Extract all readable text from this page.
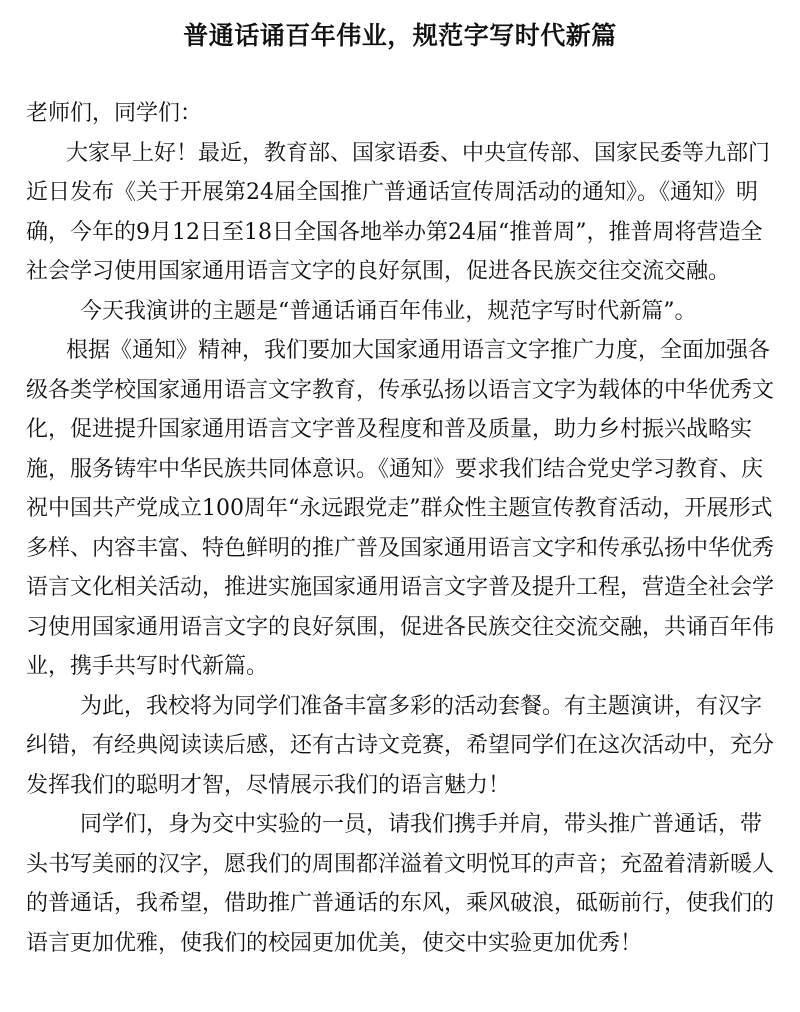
普通话诵百年伟业，规范字写时代新篇

老师们，同学们：

大家早上好！最近，教育部、国家语委、中央宣传部、国家民委等九部门近日发布《关于开展第24届全国推广普通话宣传周活动的通知》。《通知》明确，今年的9月12日至18日全国各地举办第24届“推普周”，推普周将营造全社会学习使用国家通用语言文字的良好氛围，促进各民族交往交流交融。

今天我演讲的主题是“普通话诵百年伟业，规范字写时代新篇”。

根据《通知》精神，我们要加大国家通用语言文字推广力度，全面加强各级各类学校国家通用语言文字教育，传承弘扬以语言文字为载体的中华优秀文化，促进提升国家通用语言文字普及程度和普及质量，助力乡村振兴战略实施，服务铸牢中华民族共同体意识。《通知》要求我们结合党史学习教育、庆祝中国共产党成立100周年“永远跟党走”群众性主题宣传教育活动，开展形式多样、内容丰富、特色鲜明的推广普及国家通用语言文字和传承弘扬中华优秀语言文化相关活动，推进实施国家通用语言文字普及提升工程，营造全社会学习使用国家通用语言文字的良好氛围，促进各民族交往交流交融，共诵百年伟业，携手共写时代新篇。

为此，我校将为同学们准备丰富多彩的活动套餐。有主题演讲，有汉字纠错，有经典阅读读后感，还有古诗文竞赛，希望同学们在这次活动中，充分发挥我们的聪明才智，尽情展示我们的语言魅力！

同学们，身为交中实验的一员，请我们携手并肩，带头推广普通话，带头书写美丽的汉字，愿我们的周围都洋溢着文明悦耳的声音；充盈着清新暖人的普通话，我希望，借助推广普通话的东风，乘风破浪，砥砺前行，使我们的语言更加优雅，使我们的校园更加优美，使交中实验更加优秀！
